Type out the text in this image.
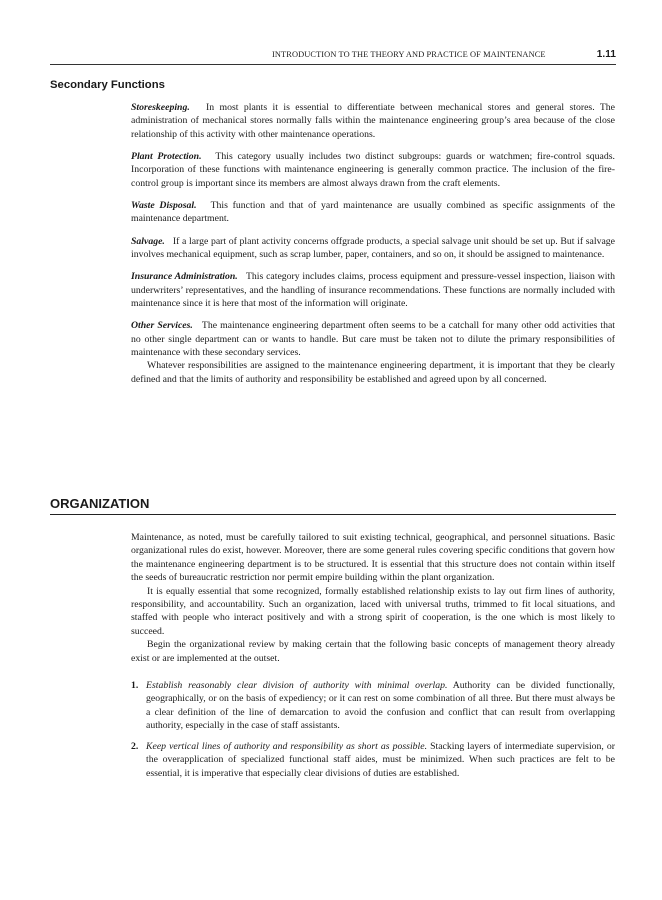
INTRODUCTION TO THE THEORY AND PRACTICE OF MAINTENANCE	1.11
Secondary Functions

Storeskeeping. In most plants it is essential to differentiate between mechanical stores and general stores. The administration of mechanical stores normally falls within the maintenance engineering group’s area because of the close relationship of this activity with other maintenance operations.

Plant Protection. This category usually includes two distinct subgroups: guards or watchmen; fire-control squads. Incorporation of these functions with maintenance engineering is generally common practice. The inclusion of the fire-control group is important since its members are almost always drawn from the craft elements.

Waste Disposal. This function and that of yard maintenance are usually combined as specific assignments of the maintenance department.

Salvage. If a large part of plant activity concerns offgrade products, a special salvage unit should be set up. But if salvage involves mechanical equipment, such as scrap lumber, paper, containers, and so on, it should be assigned to maintenance.

Insurance Administration. This category includes claims, process equipment and pressure-vessel inspection, liaison with underwriters’ representatives, and the handling of insurance recommendations. These functions are normally included with maintenance since it is here that most of the information will originate.

Other Services. The maintenance engineering department often seems to be a catchall for many other odd activities that no other single department can or wants to handle. But care must be taken not to dilute the primary responsibilities of maintenance with these secondary services.

Whatever responsibilities are assigned to the maintenance engineering department, it is important that they be clearly defined and that the limits of authority and responsibility be established and agreed upon by all concerned.

ORGANIZATION

Maintenance, as noted, must be carefully tailored to suit existing technical, geographical, and personnel situations. Basic organizational rules do exist, however. Moreover, there are some general rules covering specific conditions that govern how the maintenance engineering department is to be structured. It is essential that this structure does not contain within itself the seeds of bureaucratic restriction nor permit empire building within the plant organization.

It is equally essential that some recognized, formally established relationship exists to lay out firm lines of authority, responsibility, and accountability. Such an organization, laced with universal truths, trimmed to fit local situations, and staffed with people who interact positively and with a strong spirit of cooperation, is the one which is most likely to succeed.

Begin the organizational review by making certain that the following basic concepts of management theory already exist or are implemented at the outset.

1. Establish reasonably clear division of authority with minimal overlap. Authority can be divided functionally, geographically, or on the basis of expediency; or it can rest on some combination of all three. But there must always be a clear definition of the line of demarcation to avoid the confusion and conflict that can result from overlapping authority, especially in the case of staff assistants.
2. Keep vertical lines of authority and responsibility as short as possible. Stacking layers of intermediate supervision, or the overapplication of specialized functional staff aides, must be minimized. When such practices are felt to be essential, it is imperative that especially clear divisions of duties are established.
